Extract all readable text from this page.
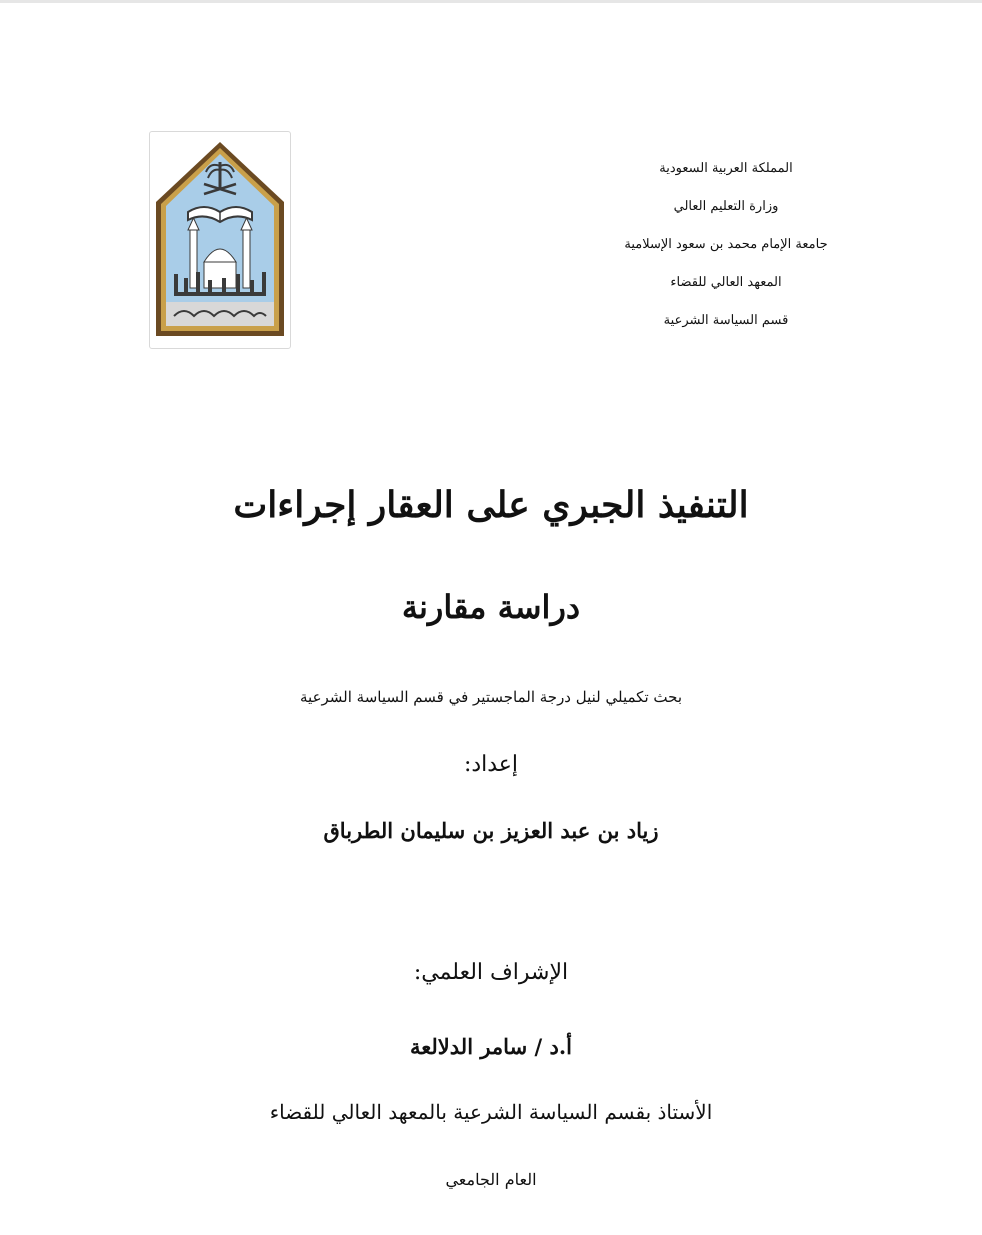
المملكة العربية السعودية
وزارة التعليم العالي
جامعة الإمام محمد بن سعود الإسلامية
المعهد العالي للقضاء
قسم السياسة الشرعية
التنفيذ الجبري على العقار إجراءات
دراسة مقارنة
بحث تكميلي لنيل درجة الماجستير في قسم السياسة الشرعية
إعداد:
زياد بن عبد العزيز بن سليمان الطرباق
الإشراف العلمي:
أ.د / سامر الدلالعة
الأستاذ بقسم السياسة الشرعية بالمعهد العالي للقضاء
العام الجامعي
